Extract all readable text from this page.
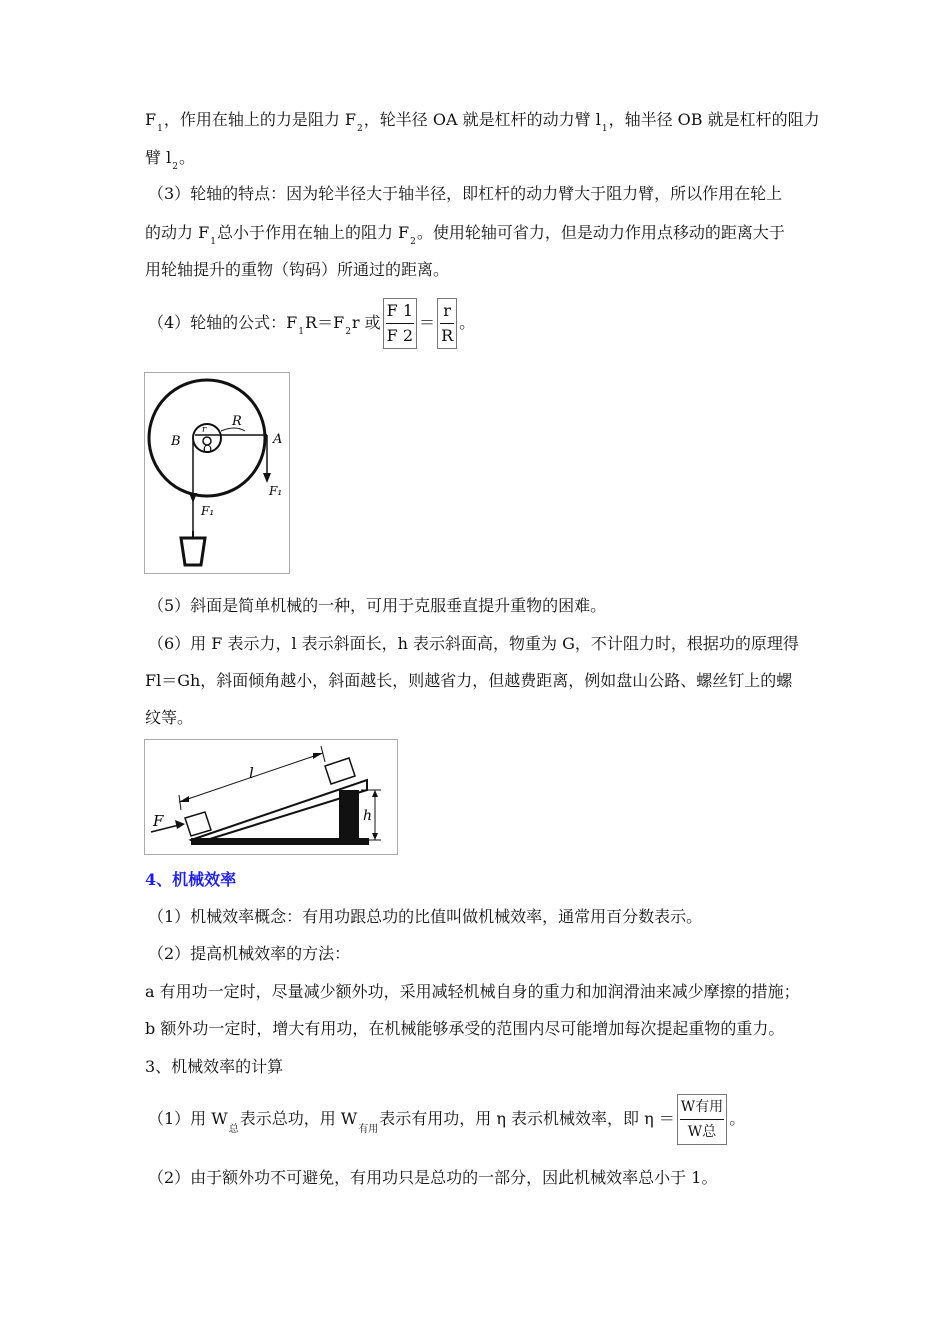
$F_1$，作用在轴上的力是阻力 $F_2$，轮半径 OA 就是杠杆的动力臂 $l_1$，轴半径 OB 就是杠杆的阻力
臂 $l_2$。
（3）轮轴的特点：因为轮半径大于轴半径，即杠杆的动力臂大于阻力臂，所以作用在轮上
的动力 $F_1$总小于作用在轴上的阻力 $F_2$。使用轮轴可省力，但是动力作用点移动的距离大于
用轮轴提升的重物（钩码）所通过的距离。
（4）轮轴的公式：$F_1R=F_2r$ 或 $\frac{F 1}{F 2} = \frac{r}{R}$ 。
R
r
B
O
A
F₁
F₁
（5）斜面是简单机械的一种，可用于克服垂直提升重物的困难。
（6）用 F 表示力，l 表示斜面长，h 表示斜面高，物重为 G，不计阻力时，根据功的原理得
Fl＝Gh，斜面倾角越小，斜面越长，则越省力，但越费距离，例如盘山公路、螺丝钉上的螺
纹等。
l
F	h
4、机械效率
（1）机械效率概念：有用功跟总功的比值叫做机械效率，通常用百分数表示。
（2）提高机械效率的方法：
a 有用功一定时，尽量减少额外功，采用减轻机械自身的重力和加润滑油来减少摩擦的措施；
b 额外功一定时，增大有用功，在机械能够承受的范围内尽可能增加每次提起重物的重力。
3、机械效率的计算
（1）用 $W_总$表示总功，用 $W_{有用}$表示有用功，用 η 表示机械效率，即 $\eta = \frac{\text{W有用}}{\text{W总}}$ 。
（2）由于额外功不可避免，有用功只是总功的一部分，因此机械效率总小于 1。
